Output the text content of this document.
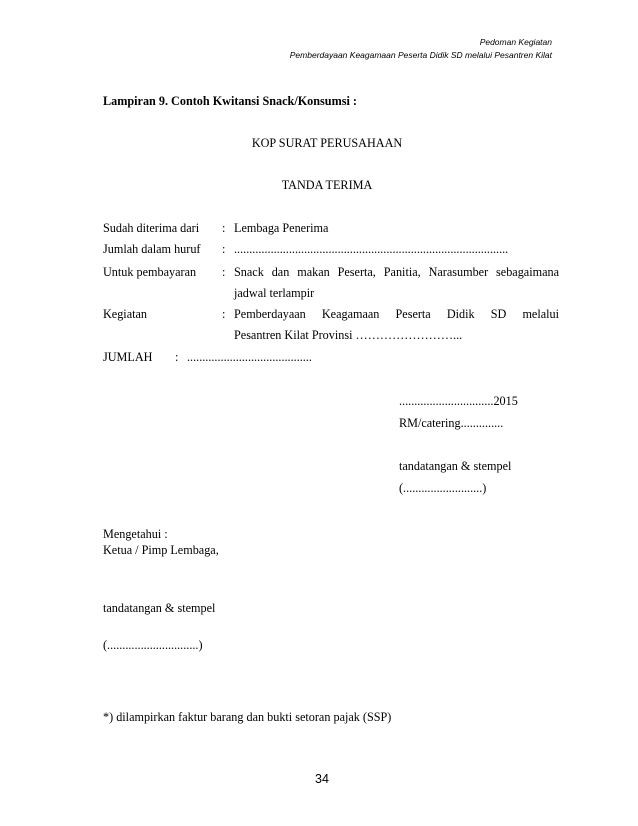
Pedoman Kegiatan
Pemberdayaan Keagamaan Peserta Didik SD melalui Pesantren Kilat
Lampiran 9. Contoh Kwitansi Snack/Konsumsi :
KOP SURAT PERUSAHAAN
TANDA TERIMA
Sudah diterima dari : Lembaga Penerima
Jumlah dalam huruf : ..........................................................................................
Untuk pembayaran : Snack dan makan Peserta, Panitia, Narasumber sebagaimana
jadwal terlampir
Kegiatan	: Pemberdayaan Keagamaan Peserta Didik SD melalui
Pesantren Kilat Provinsi ……………………...
JUMLAH : .........................................
...............................2015
RM/catering..............
tandatangan & stempel
(..........................)
Mengetahui :
Ketua / Pimp Lembaga,
tandatangan & stempel
(..............................)
*) dilampirkan faktur barang dan bukti setoran pajak (SSP)
34
